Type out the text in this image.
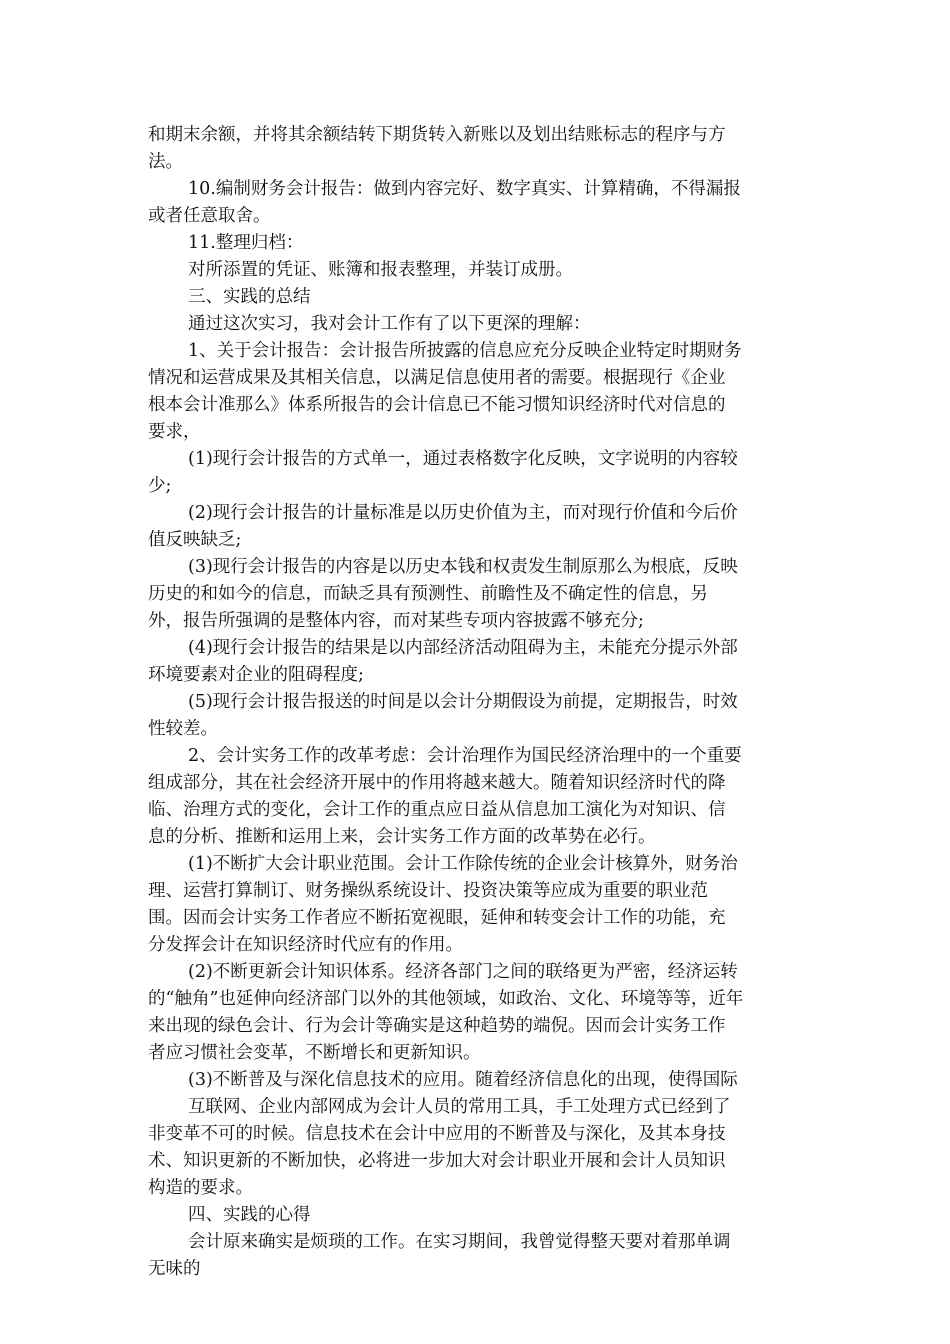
和期末余额，并将其余额结转下期货转入新账以及划出结账标志的程序与方
法。
10.编制财务会计报告：做到内容完好、数字真实、计算精确，不得漏报
或者任意取舍。
11.整理归档：
对所添置的凭证、账簿和报表整理，并装订成册。
三、实践的总结
通过这次实习，我对会计工作有了以下更深的理解：
1、关于会计报告：会计报告所披露的信息应充分反映企业特定时期财务
情况和运营成果及其相关信息，以满足信息使用者的需要。根据现行《企业
根本会计准那么》体系所报告的会计信息已不能习惯知识经济时代对信息的
要求，
(1)现行会计报告的方式单一，通过表格数字化反映，文字说明的内容较
少;
(2)现行会计报告的计量标准是以历史价值为主，而对现行价值和今后价
值反映缺乏;
(3)现行会计报告的内容是以历史本钱和权责发生制原那么为根底，反映
历史的和如今的信息，而缺乏具有预测性、前瞻性及不确定性的信息，另
外，报告所强调的是整体内容，而对某些专项内容披露不够充分;
(4)现行会计报告的结果是以内部经济活动阻碍为主，未能充分提示外部
环境要素对企业的阻碍程度;
(5)现行会计报告报送的时间是以会计分期假设为前提，定期报告，时效
性较差。
2、会计实务工作的改革考虑：会计治理作为国民经济治理中的一个重要
组成部分，其在社会经济开展中的作用将越来越大。随着知识经济时代的降
临、治理方式的变化，会计工作的重点应日益从信息加工演化为对知识、信
息的分析、推断和运用上来，会计实务工作方面的改革势在必行。
(1)不断扩大会计职业范围。会计工作除传统的企业会计核算外，财务治
理、运营打算制订、财务操纵系统设计、投资决策等应成为重要的职业范
围。因而会计实务工作者应不断拓宽视眼，延伸和转变会计工作的功能，充
分发挥会计在知识经济时代应有的作用。
(2)不断更新会计知识体系。经济各部门之间的联络更为严密，经济运转
的“触角”也延伸向经济部门以外的其他领域，如政治、文化、环境等等，近年
来出现的绿色会计、行为会计等确实是这种趋势的端倪。因而会计实务工作
者应习惯社会变革，不断增长和更新知识。
(3)不断普及与深化信息技术的应用。随着经济信息化的出现，使得国际
互联网、企业内部网成为会计人员的常用工具，手工处理方式已经到了
非变革不可的时候。信息技术在会计中应用的不断普及与深化，及其本身技
术、知识更新的不断加快，必将进一步加大对会计职业开展和会计人员知识
构造的要求。
四、实践的心得
会计原来确实是烦琐的工作。在实习期间，我曾觉得整天要对着那单调
无味的
